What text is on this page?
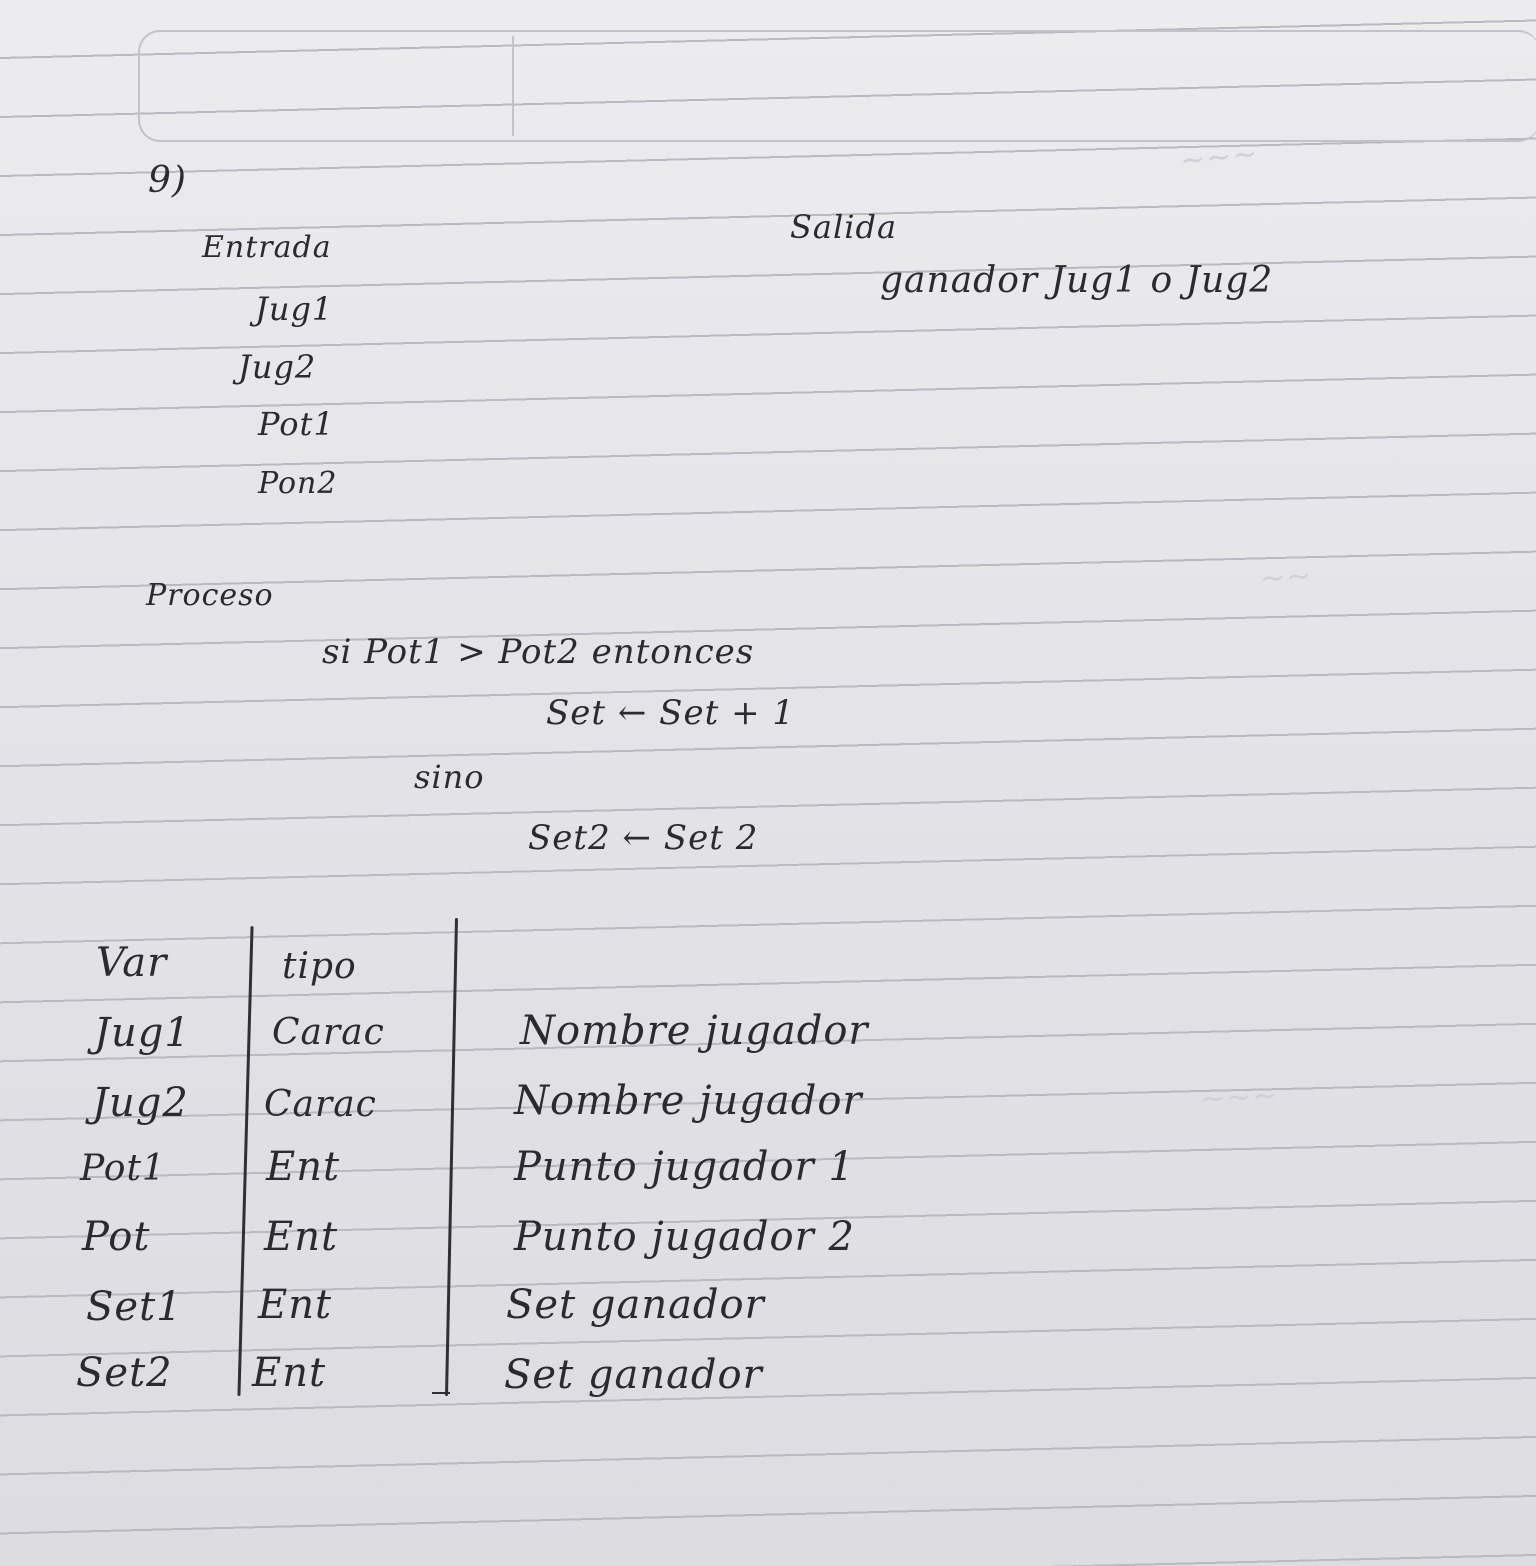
~~~
~~
~~~

9)

Entrada

Jug1

Jug2

Pot1

Pon2

Salida

ganador Jug1 o Jug2

Proceso

si Pot1 > Pot2 entonces

Set ← Set + 1

sino

Set2 ← Set 2

Var	tipo

Jug1 Carac	Nombre jugador

Jug2 Carac	Nombre jugador

Pot1	Ent	Punto jugador 1

Pot	Ent	Punto jugador 2

Set1 Ent	Set ganador

Set2 Ent	Set ganador
